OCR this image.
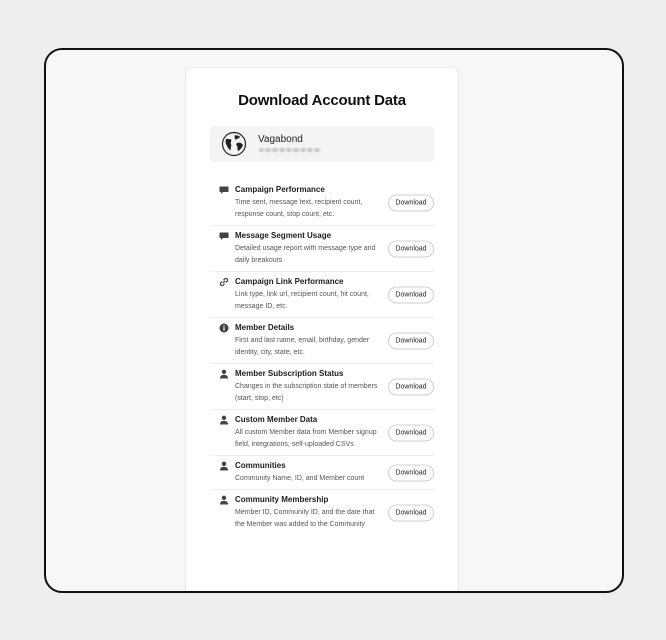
Download Account Data
Vagabond
Campaign Performance
Time sent, message text, recipient count, response count, stop count, etc.
Download
Message Segment Usage
Detailed usage report with message type and daily breakouts
Download
Campaign Link Performance
Link type, link url, recipient count, hit count, message ID, etc.
Download
Member Details
First and last name, email, birthday, gender identity, city, state, etc.
Download
Member Subscription Status
Changes in the subscription state of members (start, stop, etc)
Download
Custom Member Data
All custom Member data from Member signup field, integrations, self-uploaded CSVs
Download
Communities
Community Name, ID, and Member count
Download
Community Membership
Member ID, Community ID, and the date that the Member was added to the Community
Download
